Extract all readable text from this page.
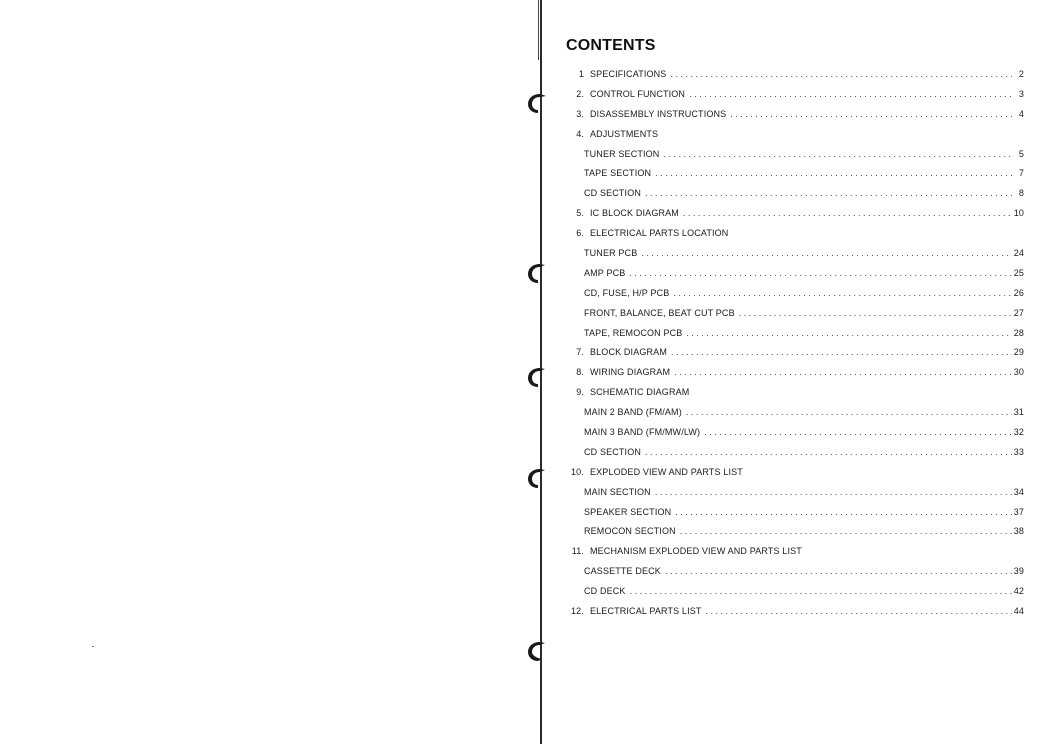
CONTENTS
1 SPECIFICATIONS . . .	2
2. CONTROL FUNCTION . . .	3
3. DISASSEMBLY INSTRUCTIONS . . .	4
4. ADJUSTMENTS
TUNER SECTION . . .	5
TAPE SECTION . . .	7
CD SECTION . . .	8
5. IC BLOCK DIAGRAM . . .	10
6. ELECTRICAL PARTS LOCATION
TUNER PCB . . .	24
AMP PCB . . .	25
CD, FUSE, H/P PCB . . .	26
FRONT, BALANCE, BEAT CUT PCB . . .	27
TAPE, REMOCON PCB . . .	28
7. BLOCK DIAGRAM . . .	29
8. WIRING DIAGRAM . . .	30
9. SCHEMATIC DIAGRAM
MAIN 2 BAND (FM/AM) . . .	31
MAIN 3 BAND (FM/MW/LW) . . .	32
CD SECTION . . .	33
10. EXPLODED VIEW AND PARTS LIST
MAIN SECTION . . .	34
SPEAKER SECTION . . .	37
REMOCON SECTION . . .	38
11. MECHANISM EXPLODED VIEW AND PARTS LIST
CASSETTE DECK . . .	39
CD DECK . . .	42
12. ELECTRICAL PARTS LIST . . .	44
